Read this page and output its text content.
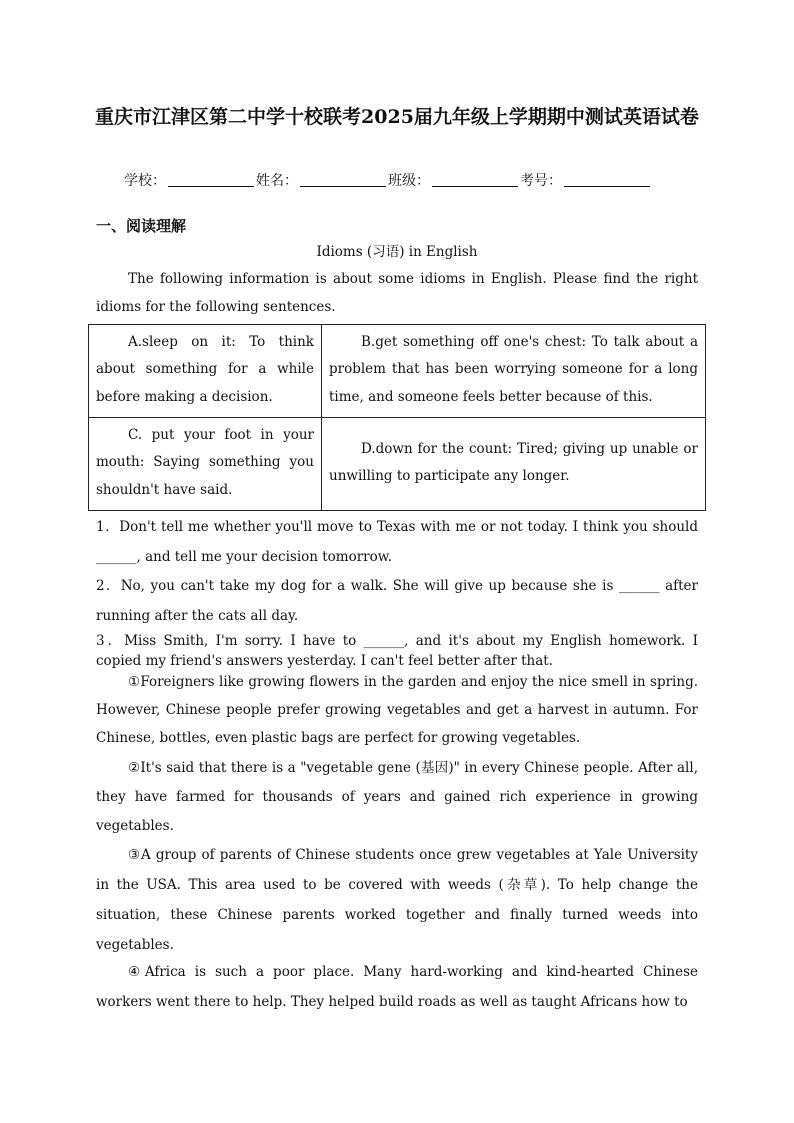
重庆市江津区第二中学十校联考2025届九年级上学期期中测试英语试卷
学校：	姓名：	班级：	考号：
一、阅读理解
Idioms (习语) in English
The following information is about some idioms in English. Please find the right idioms for the following sentences.
A.sleep on it: To think about something for a while before making a decision.	B.get something off one's chest: To talk about a problem that has been worrying someone for a long time, and someone feels better because of this.

C. put your foot in your mouth: Saying something you shouldn't have said.	D.down for the count: Tired; giving up unable or unwilling to participate any longer.
1．Don't tell me whether you'll move to Texas with me or not today. I think you should ______, and tell me your decision tomorrow.
2．No, you can't take my dog for a walk. She will give up because she is ______ after running after the cats all day.
3．Miss Smith, I'm sorry. I have to ______, and it's about my English homework. I copied my friend's answers yesterday. I can't feel better after that.
①Foreigners like growing flowers in the garden and enjoy the nice smell in spring. However, Chinese people prefer growing vegetables and get a harvest in autumn. For Chinese, bottles, even plastic bags are perfect for growing vegetables.
②It's said that there is a "vegetable gene (基因)" in every Chinese people. After all, they have farmed for thousands of years and gained rich experience in growing vegetables.
③A group of parents of Chinese students once grew vegetables at Yale University in the USA. This area used to be covered with weeds (杂草). To help change the situation, these Chinese parents worked together and finally turned weeds into vegetables.
④Africa is such a poor place. Many hard-working and kind-hearted Chinese workers went there to help. They helped build roads as well as taught Africans how to
